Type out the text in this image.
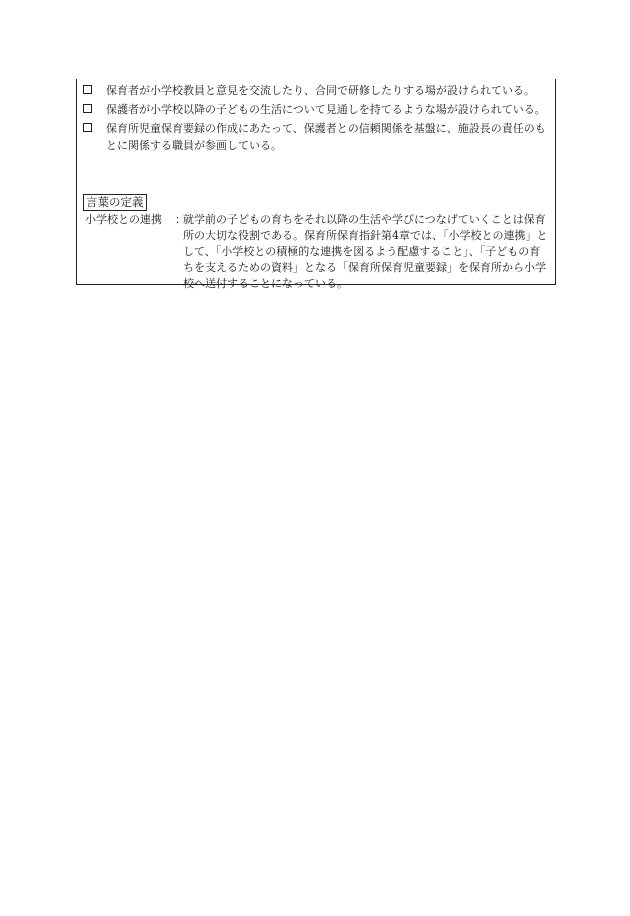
保育者が小学校教員と意見を交流したり、合同で研修したりする場が設けられている。
保護者が小学校以降の子どもの生活について見通しを持てるような場が設けられている。
保育所児童保育要録の作成にあたって、保護者との信頼関係を基盤に、施設長の責任のもとに関係する職員が参画している。
言葉の定義
小学校との連携	：
就学前の子どもの育ちをそれ以降の生活や学びにつなげていくことは保育所の大切な役割である。保育所保育指針第4章では、「小学校との連携」として、「小学校との積極的な連携を図るよう配慮すること」、「子どもの育ちを支えるための資料」となる「保育所保育児童要録」を保育所から小学校へ送付することになっている。
